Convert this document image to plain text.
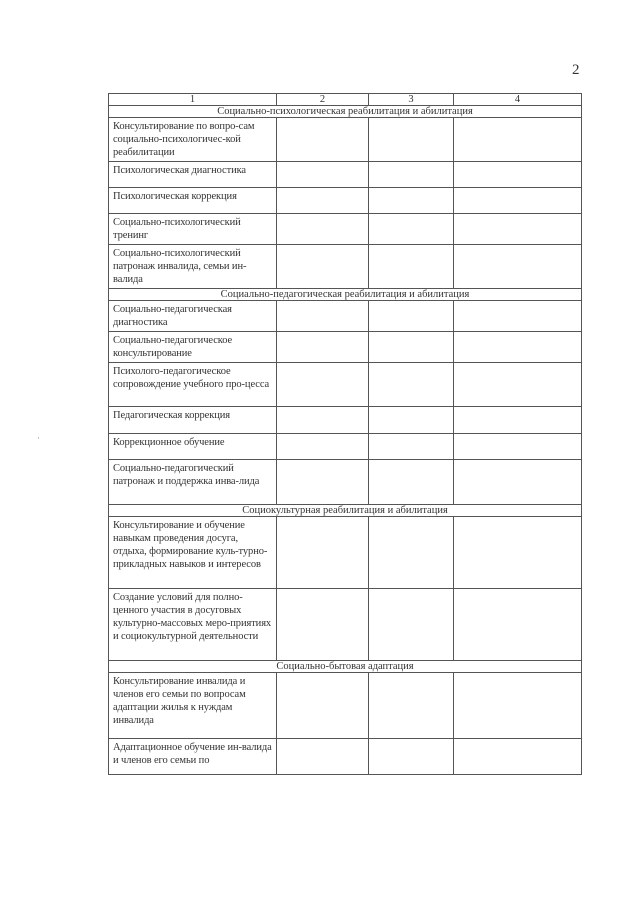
2
·
1	2	3	4
Социально-психологическая реабилитация и абилитация			
Консультирование по вопро-сам социально-психологичес-кой реабилитации			
Психологическая диагностика			
Психологическая коррекция			
Социально-психологический тренинг			
Социально-психологический патронаж инвалида, семьи ин-валида			
Социально-педагогическая реабилитация и абилитация			
Социально-педагогическая диагностика			
Социально-педагогическое консультирование			
Психолого-педагогическое сопровождение учебного про-цесса			
Педагогическая коррекция			
Коррекционное обучение			
Социально-педагогический патронаж и поддержка инва-лида			
Социокультурная реабилитация и абилитация			
Консультирование и обучение навыкам проведения досуга, отдыха, формирование куль-турно-прикладных навыков и интересов			
Создание условий для полно-ценного участия в досуговых культурно-массовых меро-приятиях и социокультурной деятельности			
Социально-бытовая адаптация			
Консультирование инвалида и членов его семьи по вопросам адаптации жилья к нуждам инвалида			
Адаптационное обучение ин-валида и членов его семьи по			
